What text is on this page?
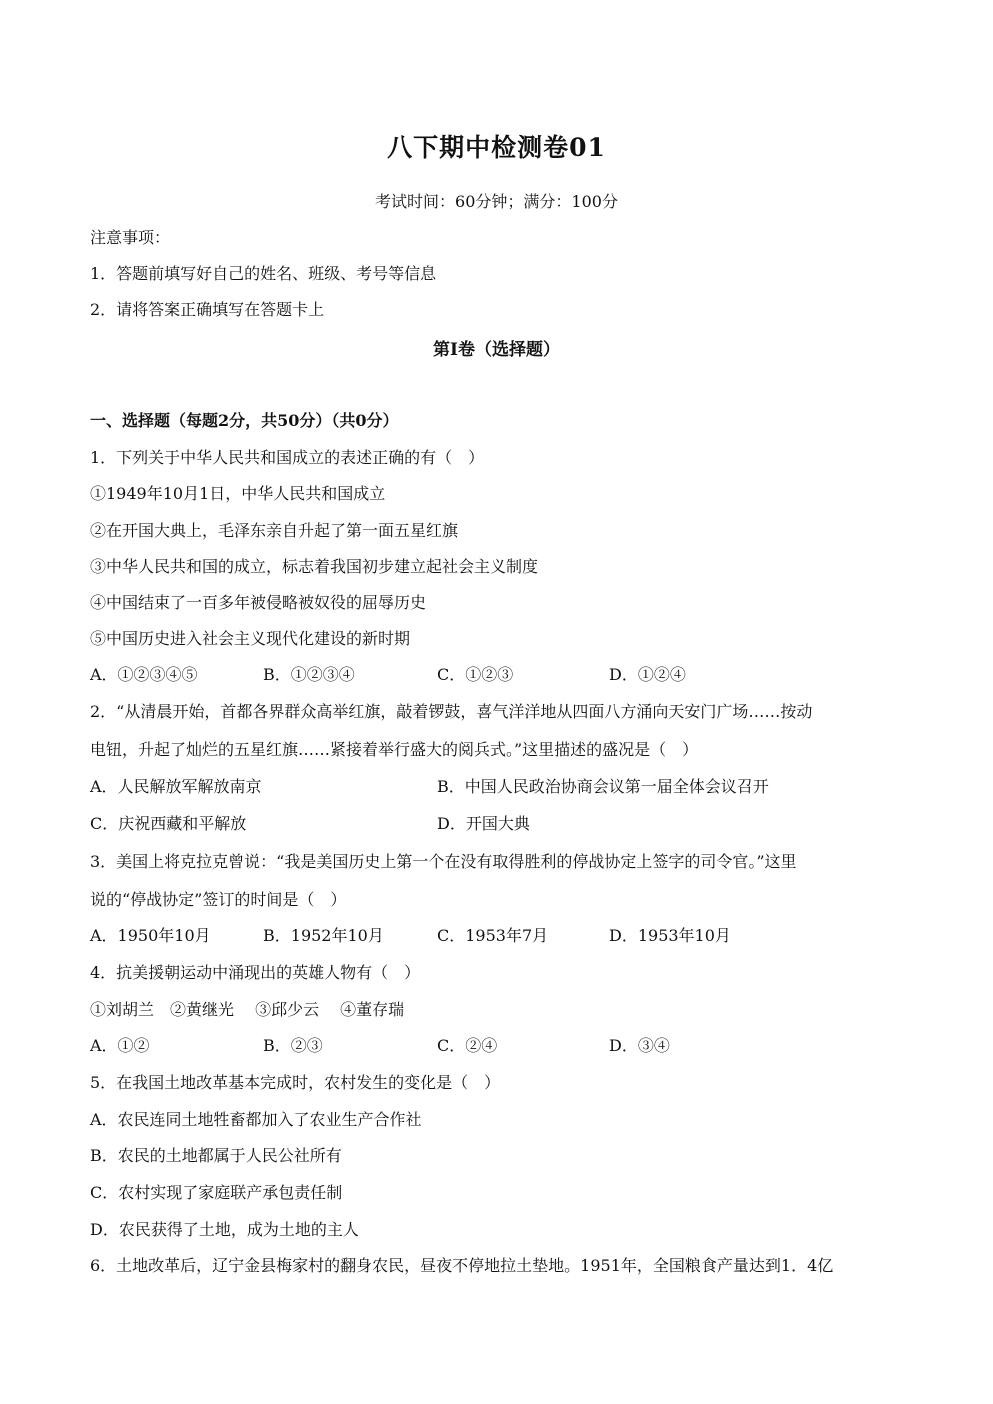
八下期中检测卷01
考试时间：60分钟；满分：100分
注意事项：
1．答题前填写好自己的姓名、班级、考号等信息
2．请将答案正确填写在答题卡上
第I卷（选择题）
一、选择题（每题2分，共50分）（共0分）
1．下列关于中华人民共和国成立的表述正确的有（　）
①1949年10月1日，中华人民共和国成立
②在开国大典上，毛泽东亲自升起了第一面五星红旗
③中华人民共和国的成立，标志着我国初步建立起社会主义制度
④中国结束了一百多年被侵略被奴役的屈辱历史
⑤中国历史进入社会主义现代化建设的新时期
A．①②③④⑤	B．①②③④	C．①②③	D．①②④
2．“从清晨开始，首都各界群众高举红旗，敲着锣鼓，喜气洋洋地从四面八方涌向天安门广场……按动
电钮，升起了灿烂的五星红旗……紧接着举行盛大的阅兵式。”这里描述的盛况是（　）
A．人民解放军解放南京	B．中国人民政治协商会议第一届全体会议召开
C．庆祝西藏和平解放	D．开国大典
3．美国上将克拉克曾说：“我是美国历史上第一个在没有取得胜利的停战协定上签字的司令官。”这里
说的“停战协定”签订的时间是（　）
A．1950年10月	B．1952年10月	C．1953年7月	D．1953年10月
4．抗美援朝运动中涌现出的英雄人物有（　）
①刘胡兰　②黄继光　 ③邱少云　 ④董存瑞
A．①②	B．②③	C．②④	D．③④
5．在我国土地改革基本完成时，农村发生的变化是（　）
A．农民连同土地牲畜都加入了农业生产合作社
B．农民的土地都属于人民公社所有
C．农村实现了家庭联产承包责任制
D．农民获得了土地，成为土地的主人
6．土地改革后，辽宁金县梅家村的翻身农民，昼夜不停地拉土垫地。1951年，全国粮食产量达到1．4亿
